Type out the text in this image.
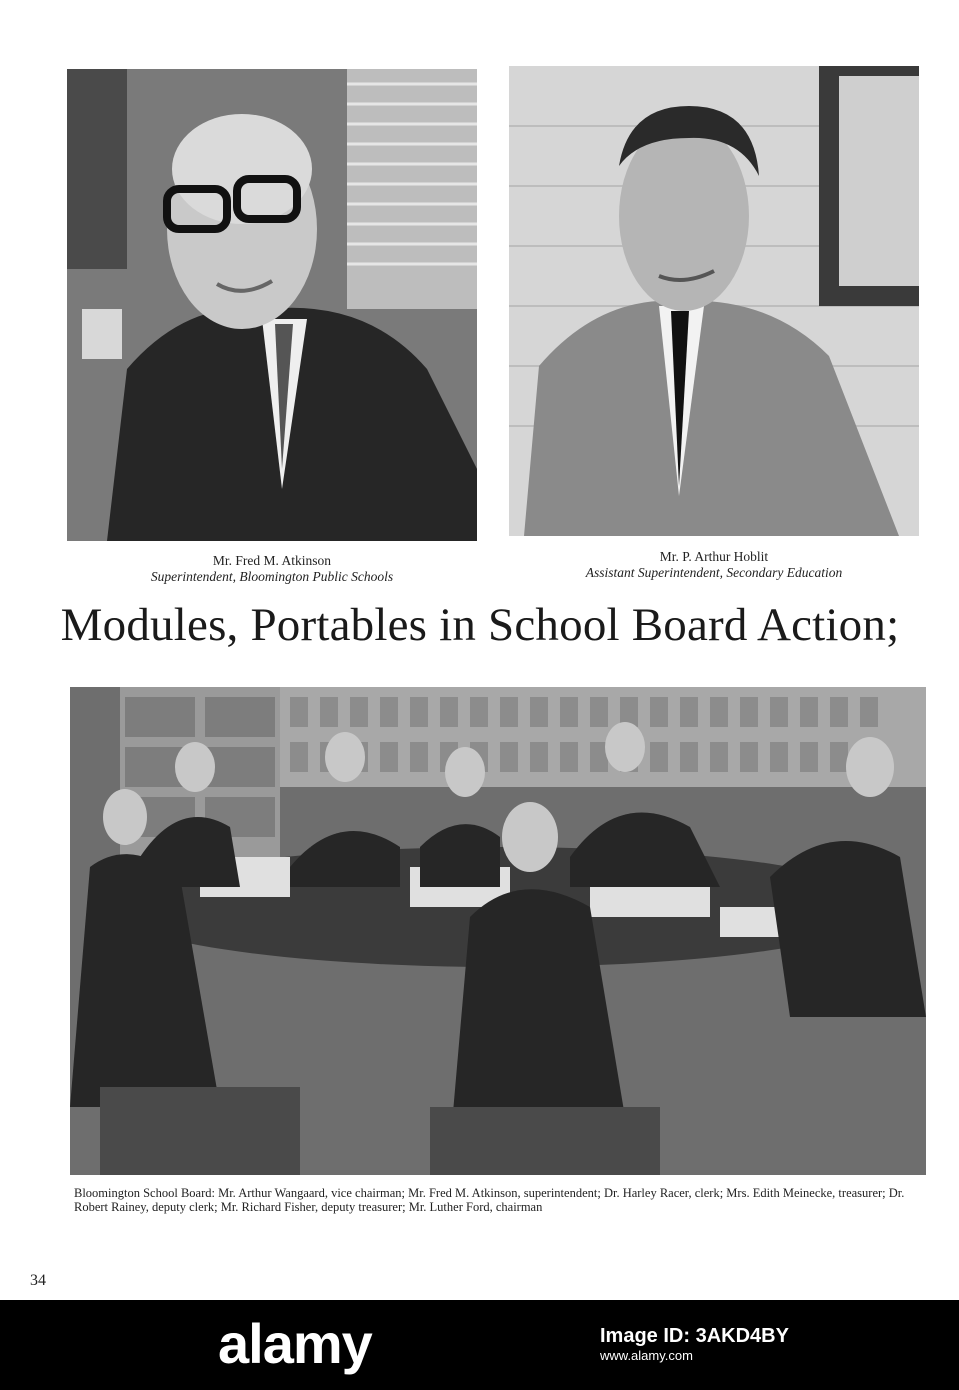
Mr. Fred M. Atkinson
Superintendent, Bloomington Public Schools
Mr. P. Arthur Hoblit
Assistant Superintendent, Secondary Education
Modules, Portables in School Board Action;
Bloomington School Board: Mr. Arthur Wangaard, vice chairman; Mr. Fred M. Atkinson, superintendent; Dr. Harley Racer, clerk; Mrs. Edith Meinecke, treasurer; Dr. Robert Rainey, deputy clerk; Mr. Richard Fisher, deputy treasurer; Mr. Luther Ford, chairman
34
alamy	Image ID: 3AKD4BY
www.alamy.com
